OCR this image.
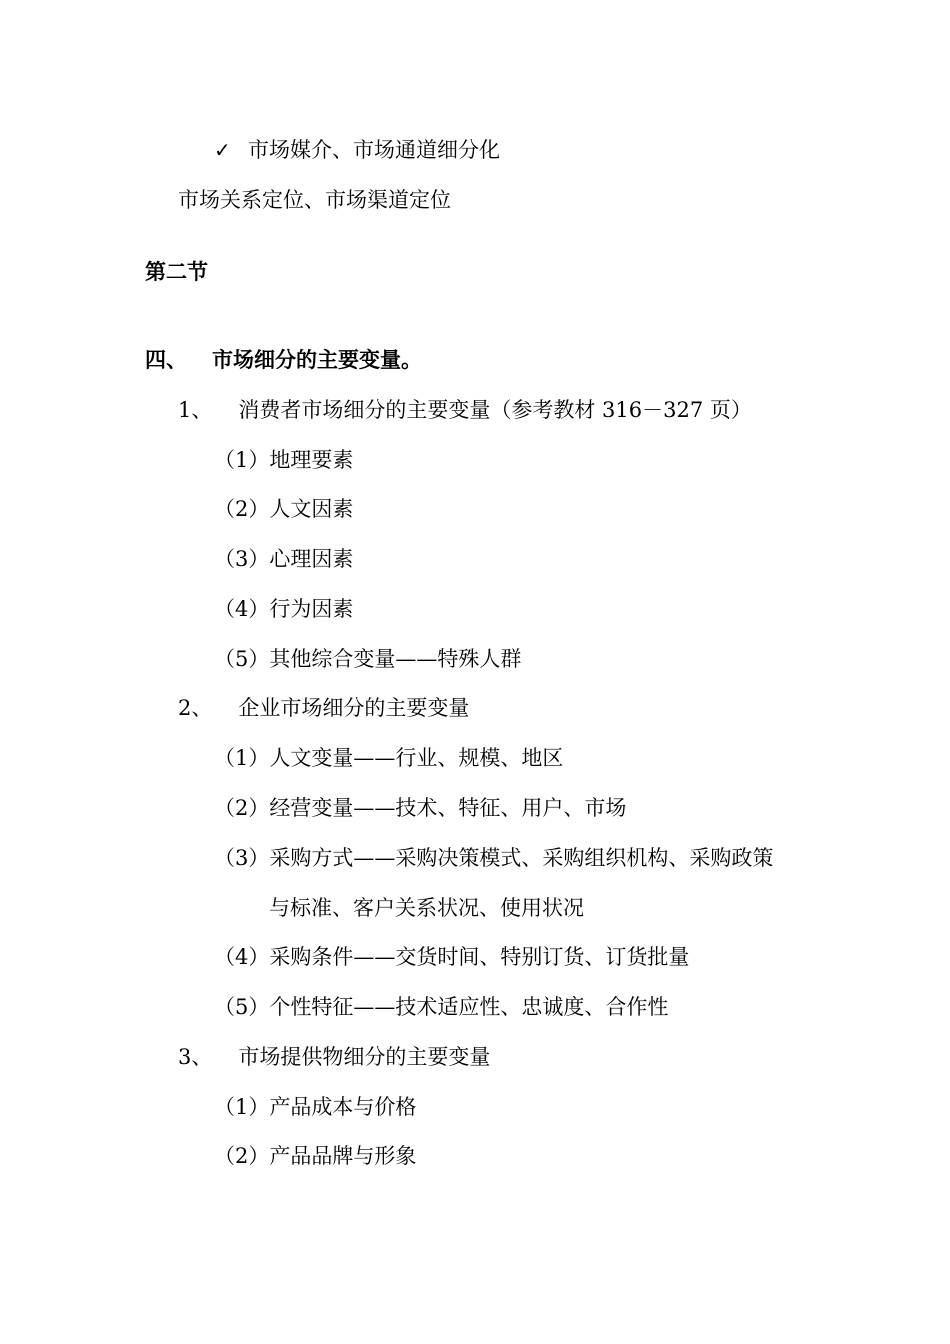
✓ 市场媒介、市场通道细分化
市场关系定位、市场渠道定位
第二节
四、 市场细分的主要变量。
1、 消费者市场细分的主要变量（参考教材 316－327 页）
（1）地理要素
（2）人文因素
（3）心理因素
（4）行为因素
（5）其他综合变量——特殊人群
2、 企业市场细分的主要变量
（1）人文变量——行业、规模、地区
（2）经营变量——技术、特征、用户、市场
（3）采购方式——采购决策模式、采购组织机构、采购政策
与标准、客户关系状况、使用状况
（4）采购条件——交货时间、特别订货、订货批量
（5）个性特征——技术适应性、忠诚度、合作性
3、 市场提供物细分的主要变量
（1）产品成本与价格
（2）产品品牌与形象
